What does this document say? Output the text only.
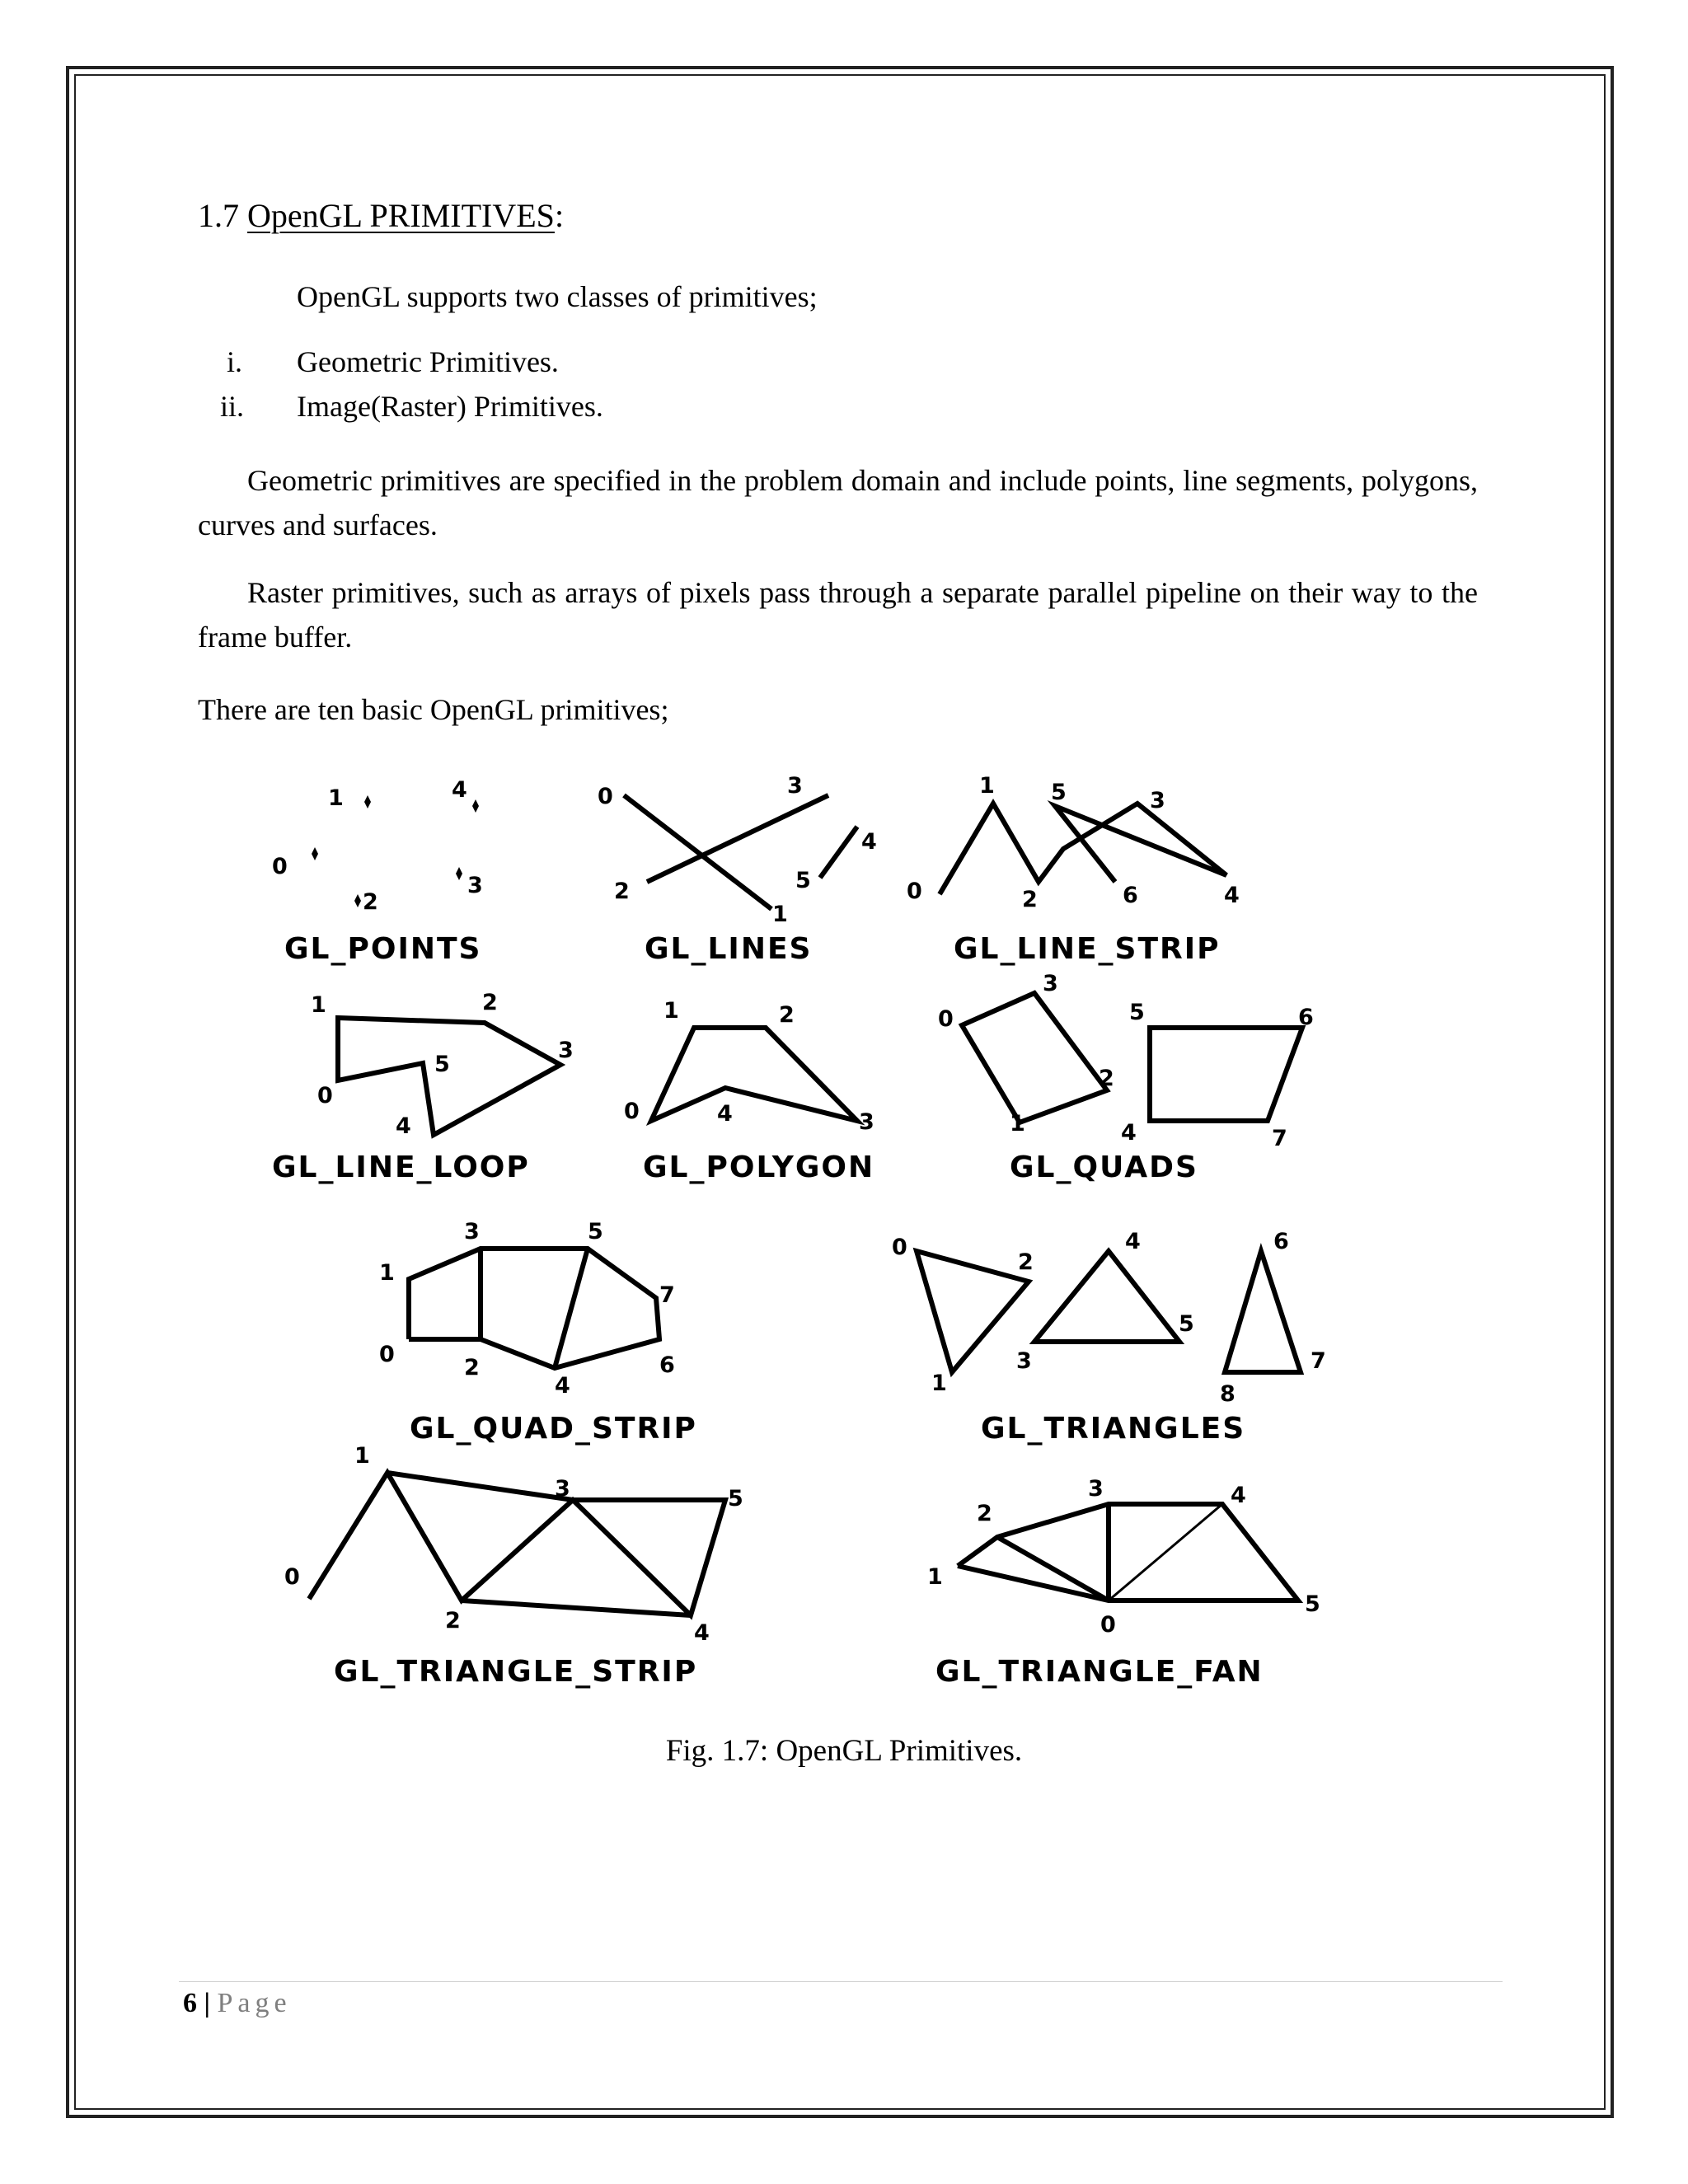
1.7 OpenGL PRIMITIVES:
OpenGL supports two classes of primitives;
i. Geometric Primitives.
ii. Image(Raster) Primitives.
Geometric primitives are specified in the problem domain and include points, line segments, polygons, curves and surfaces.
Raster primitives, such as arrays of pixels pass through a separate parallel pipeline on their way to the frame buffer.
There are ten basic OpenGL primitives;
0
1
2
3
4	0
1
2
3
4
5	0
1
2
3
4
5
6
0
1	2
3
4
5
0
1	2
3
4
0
1
2
3
4
5	6
7
0
1
2
3
4
5
6
7
0
1
2
3
4
5
6
7
8
0
1
2
3
4
5
0
1
2
3	4
5
GL_POINTS	GL_LINES	GL_LINE_STRIP
GL_LINE_LOOP	GL_POLYGON	GL_QUADS
GL_QUAD_STRIP	GL_TRIANGLES
GL_TRIANGLE_STRIP	GL_TRIANGLE_FAN
Fig. 1.7: OpenGL Primitives.
6 | Page
